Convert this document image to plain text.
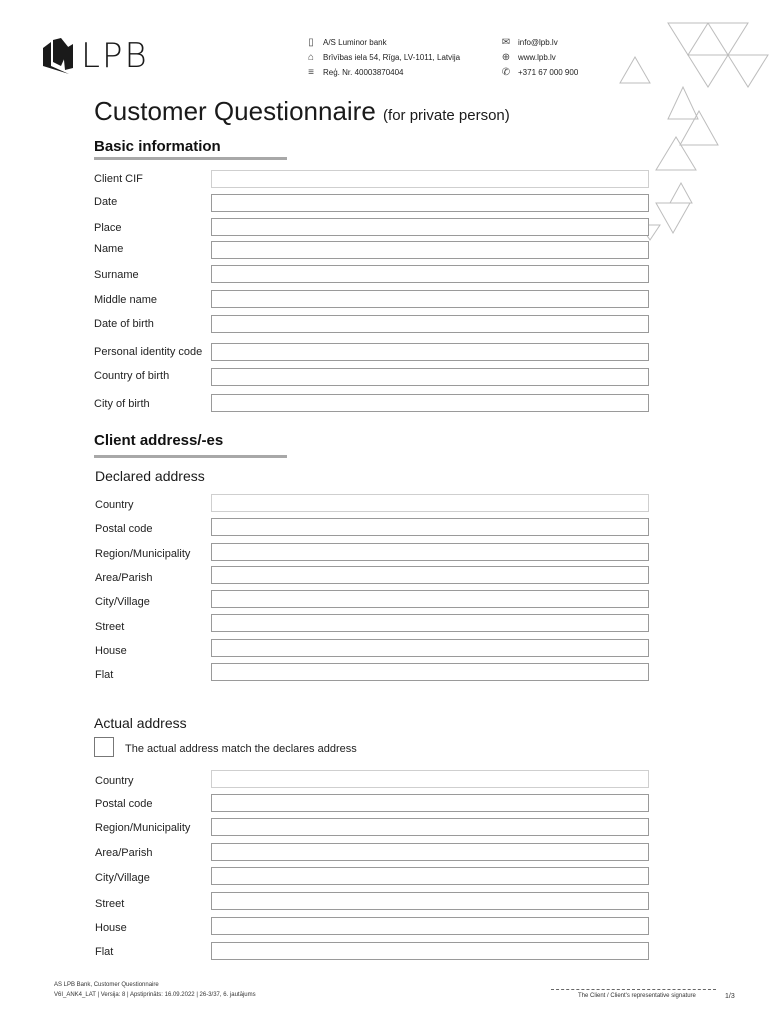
LPB	▯	A/S Luminor bank
⌂	Brīvības iela 54, Rīga, LV-1011, Latvija
≡	Reģ. Nr. 40003870404
✉ info@lpb.lv
⊕ www.lpb.lv
✆ +371 67 000 900
Customer Questionnaire (for private person)
Basic information
Client CIF
Date
Place
Name
Surname
Middle name
Date of birth
Personal identity code
Country of birth
City of birth
Client address/-es
Declared address
Country
Postal code
Region/Municipality
Area/Parish
City/Village
Street
House
Flat
Actual address
The actual address match the declares address
Country
Postal code
Region/Municipality
Area/Parish
City/Village
Street
House
Flat
AS LPB Bank, Customer Questionnaire
V6I_ANK4_LAT | Versija: 8 | Apstiprināts: 16.09.2022 | 26-3/37, 6. jautājums	The Client / Client's representative signature	1/3
